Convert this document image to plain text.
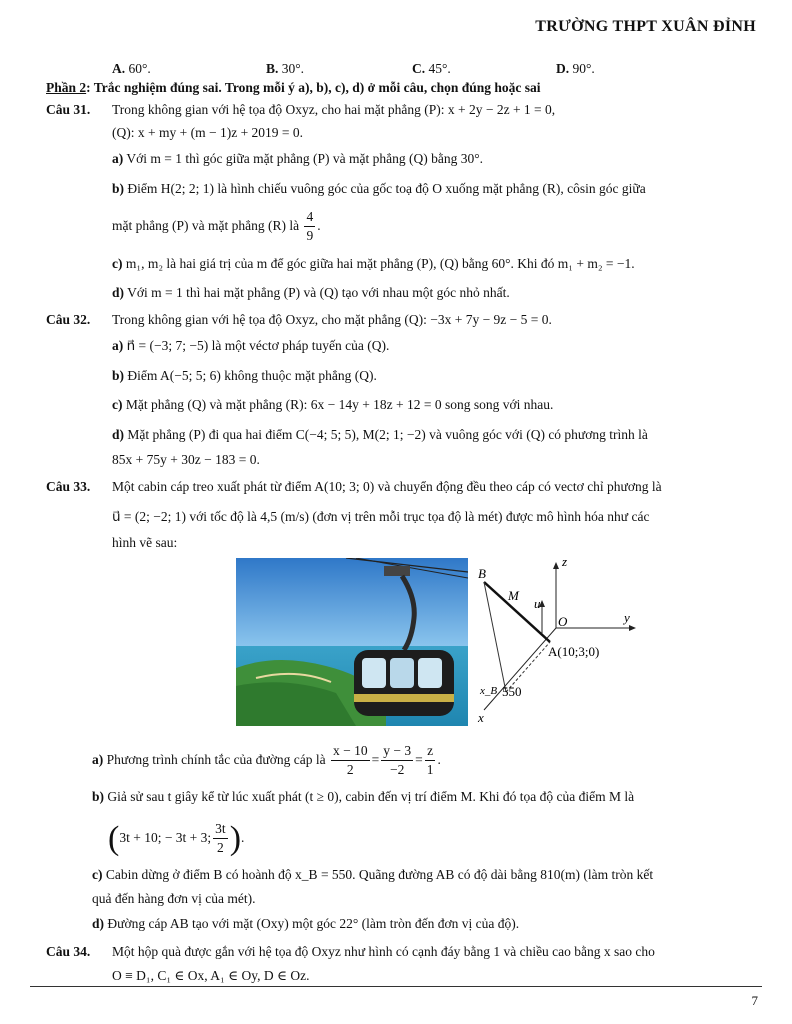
TRƯỜNG THPT XUÂN ĐỈNH
A. 60°.	B. 30°.	C. 45°.	D. 90°.
Phần 2: Trắc nghiệm đúng sai. Trong mỗi ý a), b), c), d) ở mỗi câu, chọn đúng hoặc sai
Câu 31. Trong không gian với hệ tọa độ Oxyz, cho hai mặt phẳng (P): x + 2y − 2z + 1 = 0,
(Q): x + my + (m − 1)z + 2019 = 0.
a) Với m = 1 thì góc giữa mặt phẳng (P) và mặt phẳng (Q) bằng 30°.
b) Điểm H(2; 2; 1) là hình chiếu vuông góc của gốc toạ độ O xuống mặt phẳng (R), côsin góc giữa
mặt phẳng (P) và mặt phẳng (R) là $\frac{4}{9}$ .
c) m₁, m₂ là hai giá trị của m để góc giữa hai mặt phẳng (P), (Q) bằng 60°. Khi đó m₁ + m₂ = −1.
d) Với m = 1 thì hai mặt phẳng (P) và (Q) tạo với nhau một góc nhỏ nhất.
Câu 32. Trong không gian với hệ tọa độ Oxyz, cho mặt phẳng (Q): −3x + 7y − 9z − 5 = 0.
a) n⃗ = (−3; 7; −5) là một véctơ pháp tuyến của (Q).
b) Điểm A(−5; 5; 6) không thuộc mặt phẳng (Q).
c) Mặt phẳng (Q) và mặt phẳng (R): 6x − 14y + 18z + 12 = 0 song song với nhau.
d) Mặt phẳng (P) đi qua hai điểm C(−4; 5; 5), M(2; 1; −2) và vuông góc với (Q) có phương trình là
85x + 75y + 30z − 183 = 0.
Câu 33. Một cabin cáp treo xuất phát từ điểm A(10; 3; 0) và chuyển động đều theo cáp có vectơ chỉ phương là
u⃗ = (2; −2; 1) với tốc độ là 4,5 (m/s) (đơn vị trên mỗi trục tọa độ là mét) được mô hình hóa như các
hình vẽ sau:
B
M
u⃗
O	y
z
x
A(10;3;0)
x_B 550
a) Phương trình chính tắc của đường cáp là $\frac{x - 10}{2} = \frac{y - 3}{-2} = \frac{z}{1}$ .
b) Giả sử sau t giây kể từ lúc xuất phát (t ≥ 0), cabin đến vị trí điểm M. Khi đó tọa độ của điểm M là
(3t + 10; − 3t + 3; $\frac{3t}{2}$ ).
c) Cabin dừng ở điểm B có hoành độ x_B = 550. Quãng đường AB có độ dài bằng 810(m) (làm tròn kết
quả đến hàng đơn vị của mét).
d) Đường cáp AB tạo với mặt (Oxy) một góc 22° (làm tròn đến đơn vị của độ).
Câu 34. Một hộp quà được gắn với hệ tọa độ Oxyz như hình có cạnh đáy bằng 1 và chiều cao bằng x sao cho
O ≡ D₁, C₁ ∈ Ox, A₁ ∈ Oy, D ∈ Oz.
7
